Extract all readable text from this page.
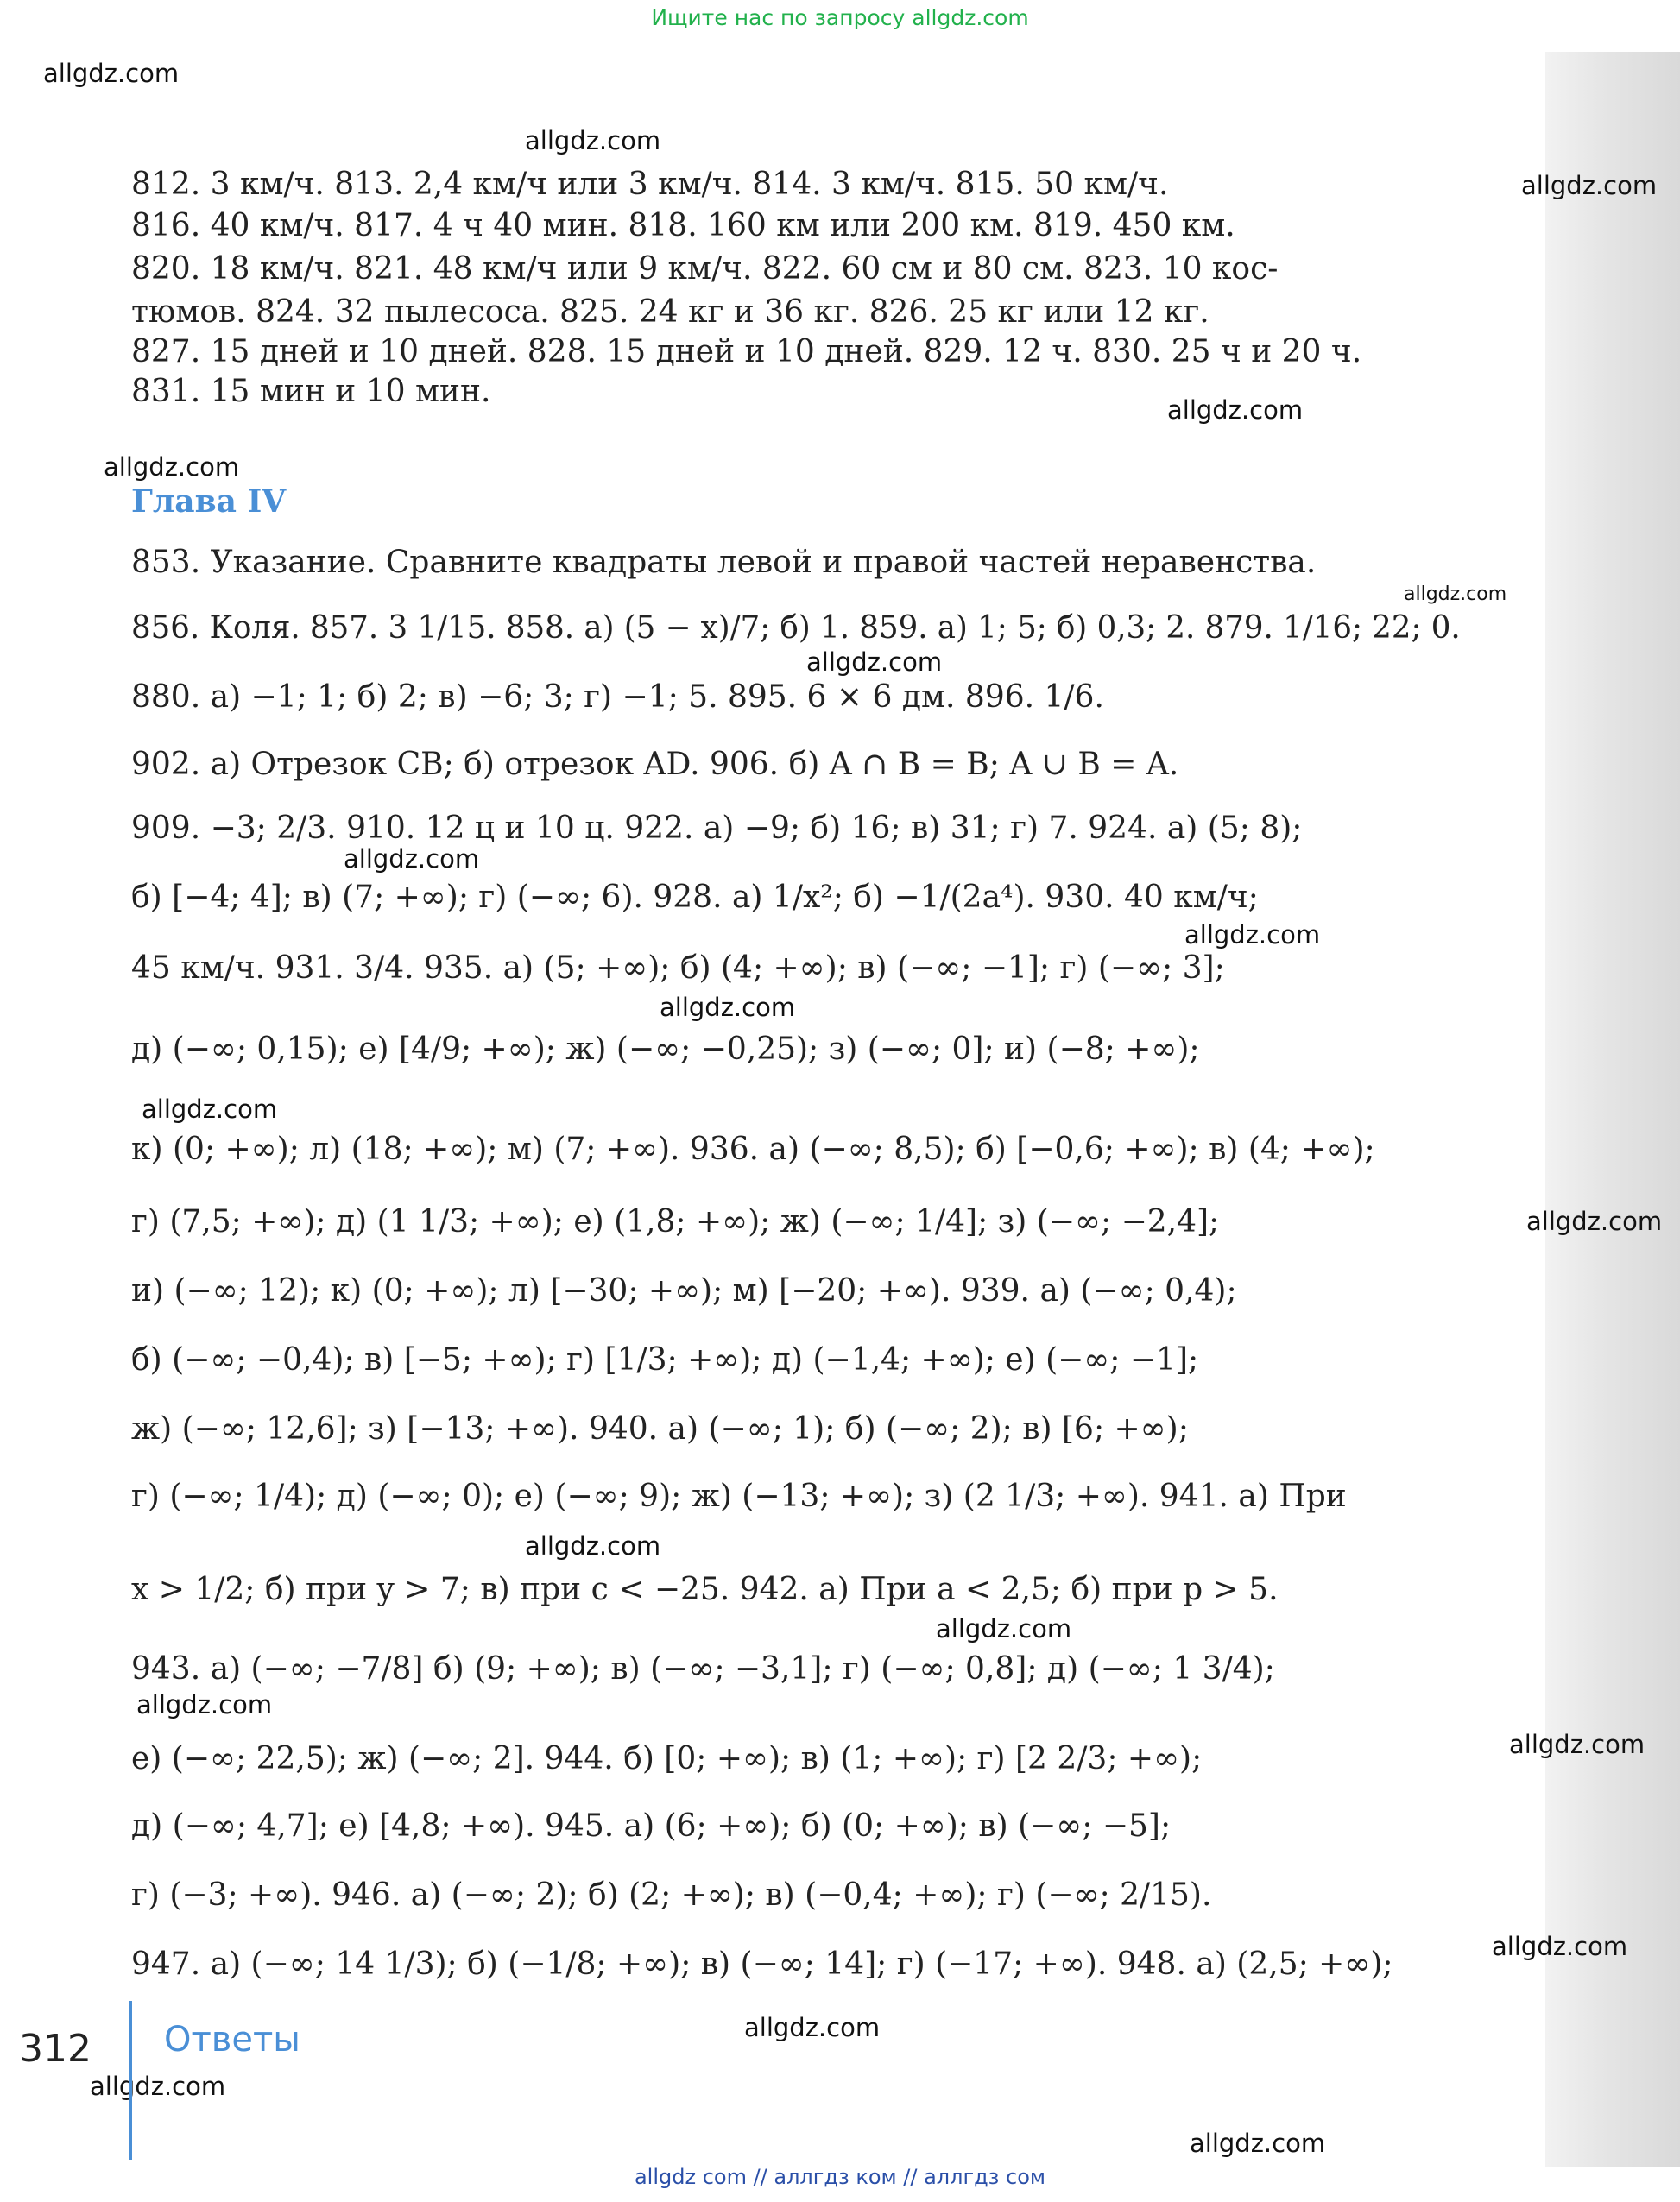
Ищите нас по запросу allgdz.com
allgdz.com
allgdz.com
allgdz.com
allgdz.com
allgdz.com
allgdz.com
allgdz.com
allgdz.com
allgdz.com
allgdz.com
allgdz.com
allgdz.com
allgdz.com
allgdz.com
allgdz.com
allgdz.com
allgdz.com
allgdz.com
allgdz.com
allgdz.com
Глава IV
812. 3 км/ч. 813. 2,4 км/ч или 3 км/ч. 814. 3 км/ч. 815. 50 км/ч.
816. 40 км/ч. 817. 4 ч 40 мин. 818. 160 км или 200 км. 819. 450 км.
820. 18 км/ч. 821. 48 км/ч или 9 км/ч. 822. 60 см и 80 см. 823. 10 кос-
тюмов. 824. 32 пылесоса. 825. 24 кг и 36 кг. 826. 25 кг или 12 кг.
827. 15 дней и 10 дней. 828. 15 дней и 10 дней. 829. 12 ч. 830. 25 ч и 20 ч.
831. 15 мин и 10 мин.
853. Указание. Сравните квадраты левой и правой частей неравенства.
856. Коля. 857. 3 1/15. 858. а) (5 − x)/7; б) 1. 859. а) 1; 5; б) 0,3; 2. 879. 1/16; 22; 0.
880. а) −1; 1; б) 2; в) −6; 3; г) −1; 5. 895. 6 × 6 дм. 896. 1/6.
902. а) Отрезок CB; б) отрезок AD. 906. б) A ∩ B = B; A ∪ B = A.
909. −3; 2/3. 910. 12 ц и 10 ц. 922. а) −9; б) 16; в) 31; г) 7. 924. а) (5; 8);
б) [−4; 4]; в) (7; +∞); г) (−∞; 6). 928. а) 1/x²; б) −1/(2a⁴). 930. 40 км/ч;
45 км/ч. 931. 3/4. 935. а) (5; +∞); б) (4; +∞); в) (−∞; −1]; г) (−∞; 3];
д) (−∞; 0,15); е) [4/9; +∞); ж) (−∞; −0,25); з) (−∞; 0]; и) (−8; +∞);
к) (0; +∞); л) (18; +∞); м) (7; +∞). 936. а) (−∞; 8,5); б) [−0,6; +∞); в) (4; +∞);
г) (7,5; +∞); д) (1 1/3; +∞); е) (1,8; +∞); ж) (−∞; 1/4]; з) (−∞; −2,4];
и) (−∞; 12); к) (0; +∞); л) [−30; +∞); м) [−20; +∞). 939. а) (−∞; 0,4);
б) (−∞; −0,4); в) [−5; +∞); г) [1/3; +∞); д) (−1,4; +∞); е) (−∞; −1];
ж) (−∞; 12,6]; з) [−13; +∞). 940. а) (−∞; 1); б) (−∞; 2); в) [6; +∞);
г) (−∞; 1/4); д) (−∞; 0); е) (−∞; 9); ж) (−13; +∞); з) (2 1/3; +∞). 941. а) При
x > 1/2; б) при y > 7; в) при c < −25. 942. а) При a < 2,5; б) при p > 5.
943. а) (−∞; −7/8] б) (9; +∞); в) (−∞; −3,1]; г) (−∞; 0,8]; д) (−∞; 1 3/4);
е) (−∞; 22,5); ж) (−∞; 2]. 944. б) [0; +∞); в) (1; +∞); г) [2 2/3; +∞);
д) (−∞; 4,7]; е) [4,8; +∞). 945. а) (6; +∞); б) (0; +∞); в) (−∞; −5];
г) (−3; +∞). 946. а) (−∞; 2); б) (2; +∞); в) (−0,4; +∞); г) (−∞; 2/15).
947. а) (−∞; 14 1/3); б) (−1/8; +∞); в) (−∞; 14]; г) (−17; +∞). 948. а) (2,5; +∞);
312 Ответы
allgdz com // аллгдз ком // аллгдз сом
